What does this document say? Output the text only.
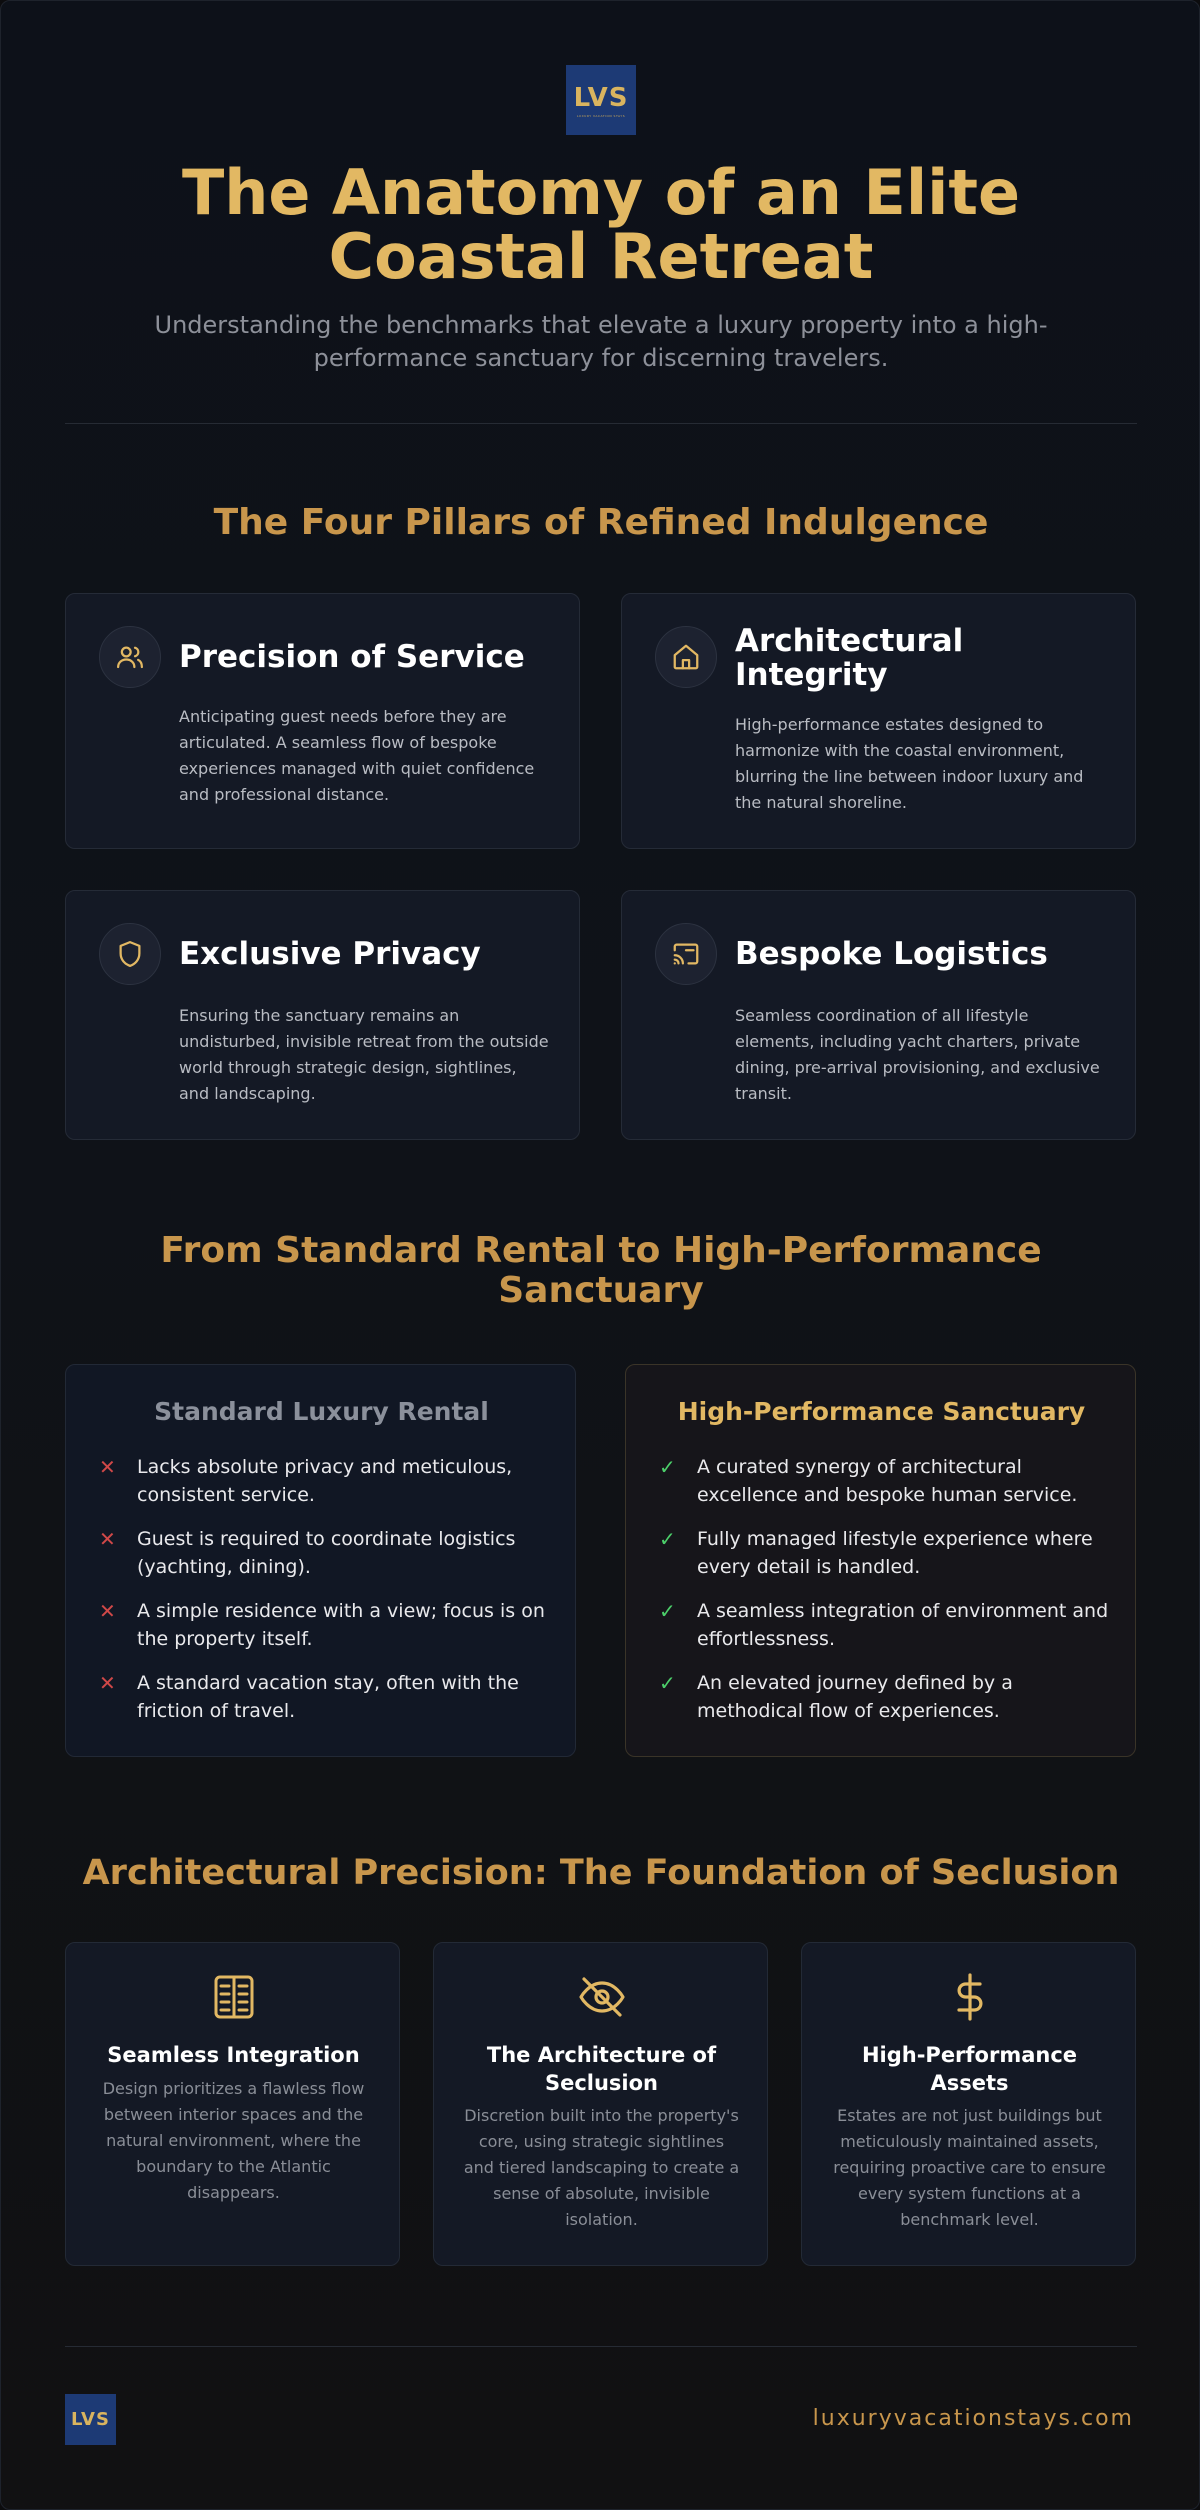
LVS
LUXURY VACATION STAYS
The Anatomy of an Elite Coastal Retreat

Understanding the benchmarks that elevate a luxury property into a high-performance sanctuary for discerning travelers.

The Four Pillars of Refined Indulgence
Precision of Service
Anticipating guest needs before they are articulated. A seamless flow of bespoke experiences managed with quiet confidence and professional distance.
Architectural Integrity
High-performance estates designed to harmonize with the coastal environment, blurring the line between indoor luxury and the natural shoreline.
Exclusive Privacy
Ensuring the sanctuary remains an undisturbed, invisible retreat from the outside world through strategic design, sightlines, and landscaping.
Bespoke Logistics
Seamless coordination of all lifestyle elements, including yacht charters, private dining, pre-arrival provisioning, and exclusive transit.
From Standard Rental to High-Performance Sanctuary
Standard Luxury Rental
✕	Lacks absolute privacy and meticulous, consistent service.
✕	Guest is required to coordinate logistics (yachting, dining).
✕	A simple residence with a view; focus is on the property itself.
✕	A standard vacation stay, often with the friction of travel.
High-Performance Sanctuary
✓	A curated synergy of architectural excellence and bespoke human service.
✓	Fully managed lifestyle experience where every detail is handled.
✓	A seamless integration of environment and effortlessness.
✓	An elevated journey defined by a methodical flow of experiences.
Architectural Precision: The Foundation of Seclusion
Seamless Integration
Design prioritizes a flawless flow between interior spaces and the natural environment, where the boundary to the Atlantic disappears.
The Architecture of Seclusion
Discretion built into the property's core, using strategic sightlines and tiered landscaping to create a sense of absolute, invisible isolation.
High-Performance Assets
Estates are not just buildings but meticulously maintained assets, requiring proactive care to ensure every system functions at a benchmark level.
LVS	luxuryvacationstays.com
